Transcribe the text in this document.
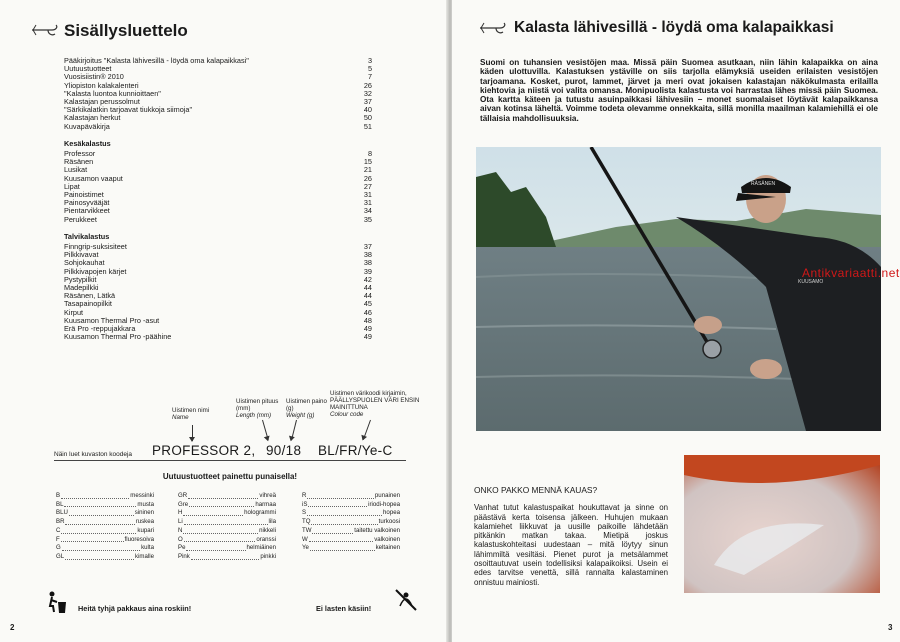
Sisällysluettelo
Pääkirjoitus "Kalasta lähivesillä - löydä oma kalapaikkasi"	3
Uutuustuotteet	5
Vuosisiistin® 2010	7
Yliopiston kalakalenteri	26
"Kalasta luontoa kunnioittaen"	32
Kalastajan perussolmut	37
"Särkikalatkin tarjoavat tiukkoja siimoja"	40
Kalastajan herkut	50
Kuvapäväkirja	51
Kesäkalastus
Professor	8
Räsänen	15
Lusikat	21
Kuusamon vaaput	26
Lipat	27
Painoistimet	31
Painosyvääjät	31
Pientarvikkeet	34
Perukkeet	35
Talvikalastus
Finngrip-suksisiteet	37
Pilkkivavat	38
Sohjokauhat	38
Pilkkivapojen kärjet	39
Pystypilkit	42
Madepilkki	44
Räsänen, Lätkä	44
Tasapainopilkit	45
Kirput	46
Kuusamon Thermal Pro -asut	48
Erä Pro -reppujakkara	49
Kuusamon Thermal Pro -päähine	49
Uistimen nimi
Name
Uistimen pituus (mm)
Length (mm)
Uistimen paino (g)
Weight (g)
Uistimen värikoodi kirjaimin, PÄÄLLYSPUOLEN VÄRI ENSIN MAINITTUNA
Colour code
Näin luet kuvaston koodeja	PROFESSOR 2, 90/18	BL/FR/Ye-C
Uutuustuotteet painettu punaisella!
B	messinki
BL	musta
BLU	sininen
BR	ruskea
C	kupari
F	fluoresoiva
G	kulta
GL	kimalle
GR	vihreä
Gre	harmaa
H	hologrammi
Li	lila
N	nikkeli
O	oranssi
Pe	helmiäinen
Pink	pinkki
R	punainen
iS	iriodi-hopea
S	hopea
TQ	turkoosi
TW	taitettu valkoinen
W	valkoinen
Ye	keltainen
Heitä tyhjä pakkaus aina roskiin!	Ei lasten käsiin!
2
Kalasta lähivesillä - löydä oma kalapaikkasi
Suomi on tuhansien vesistöjen maa. Missä päin Suomea asutkaan, niin lähin kalapaikka on aina käden ulottuvilla. Kalastuksen ystäville on siis tarjolla elämyksiä useiden erilaisten vesistöjen tarjoamana. Kosket, purot, lammet, järvet ja meri ovat jokaisen kalastajan näkökulmasta erilailla kiehtovia ja niistä voi valita omansa. Monipuolista kalastusta voi harrastaa lähes missä päin Suomea. Ota kartta käteen ja tutustu asuinpaikkasi lähivesiin – monet suomalaiset löytävät kalapaikkansa aivan kotinsa läheltä. Voimme todeta olevamme onnekkaita, sillä monilla maailman kalamiehillä ei ole tällaisia mahdollisuuksia.
RÄSÄNEN
KUUSAMO
Antikvariaatti.net
ONKO PAKKO MENNÄ KAUAS?
Vanhat tutut kalastuspaikat houkuttavat ja sinne on päästävä kerta toisensa jälkeen. Huhujen mukaan kalamiehet liikkuvat ja uusille paikoille lähdetään pitkänkin matkan takaa. Mietipä joskus kalastuskohteitasi uudestaan – mitä löytyy sinun lähimmiltä vesiltäsi. Pienet purot ja metsälammet osoittautuvat usein todellisiksi kalapaikoiksi. Usein ei edes tarvitse venettä, sillä rannalta kalastaminen onnistuu mainiosti.
3
